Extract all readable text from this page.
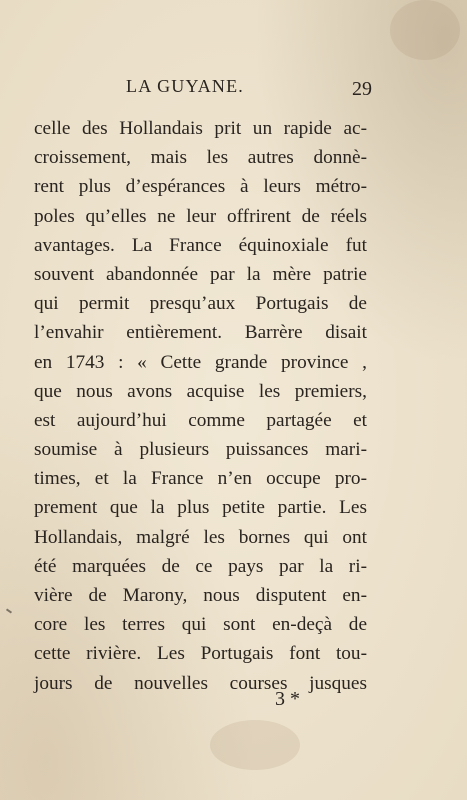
LA GUYANE.	29
celle des Hollandais prit un rapide ac-
croissement, mais les autres donnè-
rent plus d’espérances à leurs métro-
poles qu’elles ne leur offrirent de réels
avantages. La France équinoxiale fut
souvent abandonnée par la mère patrie
qui permit presqu’aux Portugais de
l’envahir entièrement. Barrère disait
en 1743 : « Cette grande province ,
que nous avons acquise les premiers,
est aujourd’hui comme partagée et
soumise à plusieurs puissances mari-
times, et la France n’en occupe pro-
prement que la plus petite partie. Les
Hollandais, malgré les bornes qui ont
été marquées de ce pays par la ri-
vière de Marony, nous disputent en-
core les terres qui sont en-deçà de
cette rivière. Les Portugais font tou-
jours de nouvelles courses jusques
3 *
